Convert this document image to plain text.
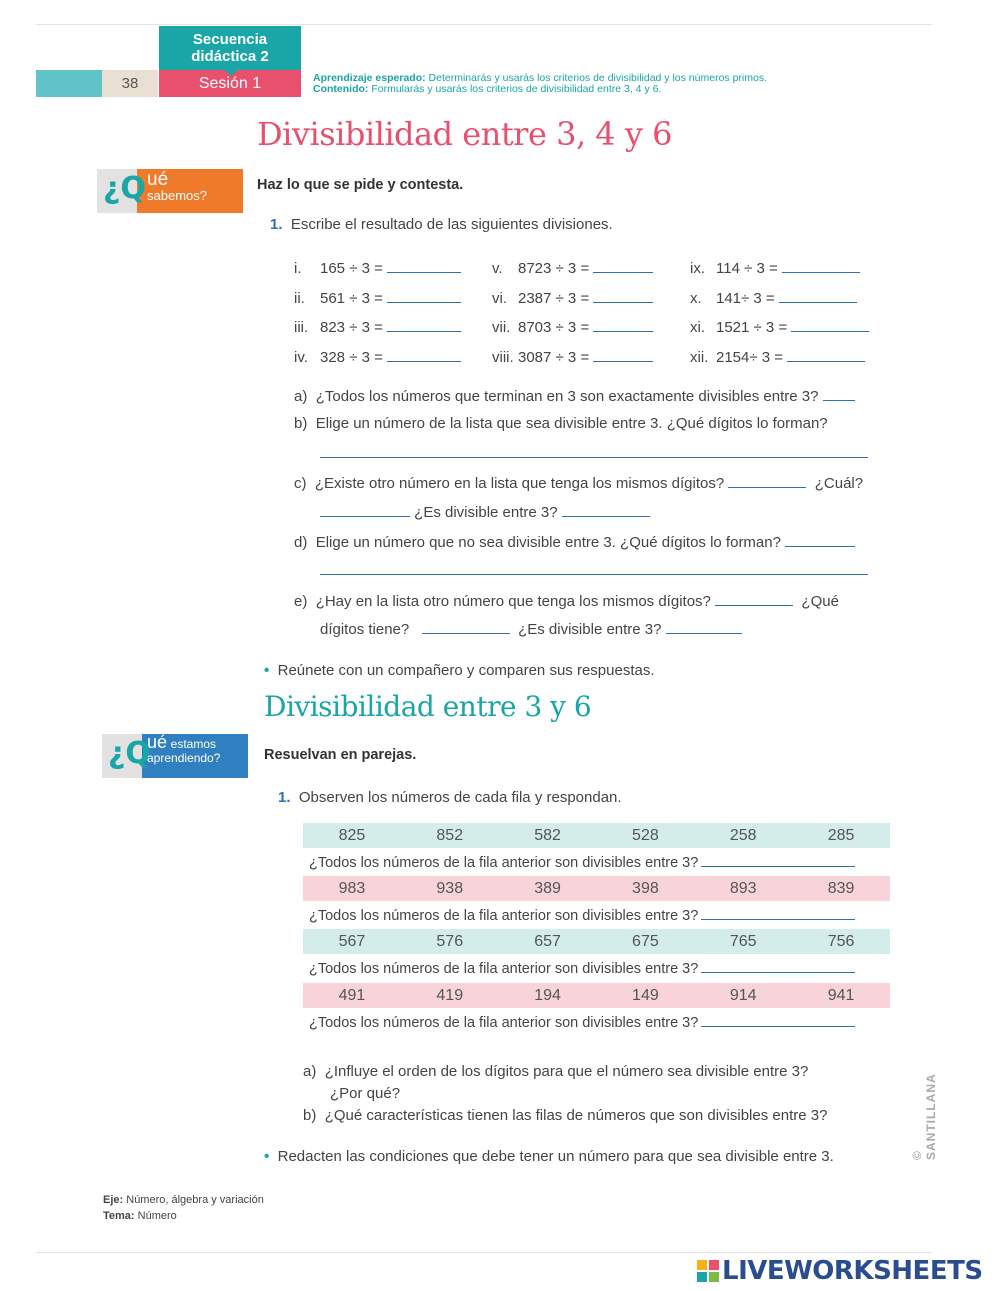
38
Secuencia didáctica 2
Sesión 1	Aprendizaje esperado: Determinarás y usarás los criterios de divisibilidad y los números primos.
Contenido: Formularás y usarás los criterios de divisibilidad entre 3, 4 y 6.
Divisibilidad entre 3, 4 y 6
¿Q ué
sabemos?
Haz lo que se pide y contesta.
1. Escribe el resultado de las siguientes divisiones.
i. 165 ÷ 3 =	v. 8723 ÷ 3 =	ix. 114 ÷ 3 =
ii. 561 ÷ 3 =	vi. 2387 ÷ 3 =	x. 141÷ 3 =
iii. 823 ÷ 3 =	vii. 8703 ÷ 3 =	xi. 1521 ÷ 3 =
iv. 328 ÷ 3 =	viii. 3087 ÷ 3 =	xii. 2154÷ 3 =
a) ¿Todos los números que terminan en 3 son exactamente divisibles entre 3?
b) Elige un número de la lista que sea divisible entre 3. ¿Qué dígitos lo forman?
c) ¿Existe otro número en la lista que tenga los mismos dígitos?	¿Cuál?
¿Es divisible entre 3?
d) Elige un número que no sea divisible entre 3. ¿Qué dígitos lo forman?
e) ¿Hay en la lista otro número que tenga los mismos dígitos?	¿Qué
dígitos tiene?	¿Es divisible entre 3?
• Reúnete con un compañero y comparen sus respuestas.
Divisibilidad entre 3 y 6
¿Q
ué estamos
aprendiendo?	Resuelvan en parejas.
1. Observen los números de cada fila y respondan.
825	852	582	528	258	285
¿Todos los números de la fila anterior son divisibles entre 3?
983	938	389	398	893	839
¿Todos los números de la fila anterior son divisibles entre 3?
567	576	657	675	765	756
¿Todos los números de la fila anterior son divisibles entre 3?
491	419	194	149	914	941
¿Todos los números de la fila anterior son divisibles entre 3?
a) ¿Influye el orden de los dígitos para que el número sea divisible entre 3?
¿Por qué?
b) ¿Qué características tienen las filas de números que son divisibles entre 3?
• Redacten las condiciones que debe tener un número para que sea divisible entre 3.	© SANTILLANA
Eje: Número, álgebra y variación
Tema: Número
LIVEWORKSHEETS
